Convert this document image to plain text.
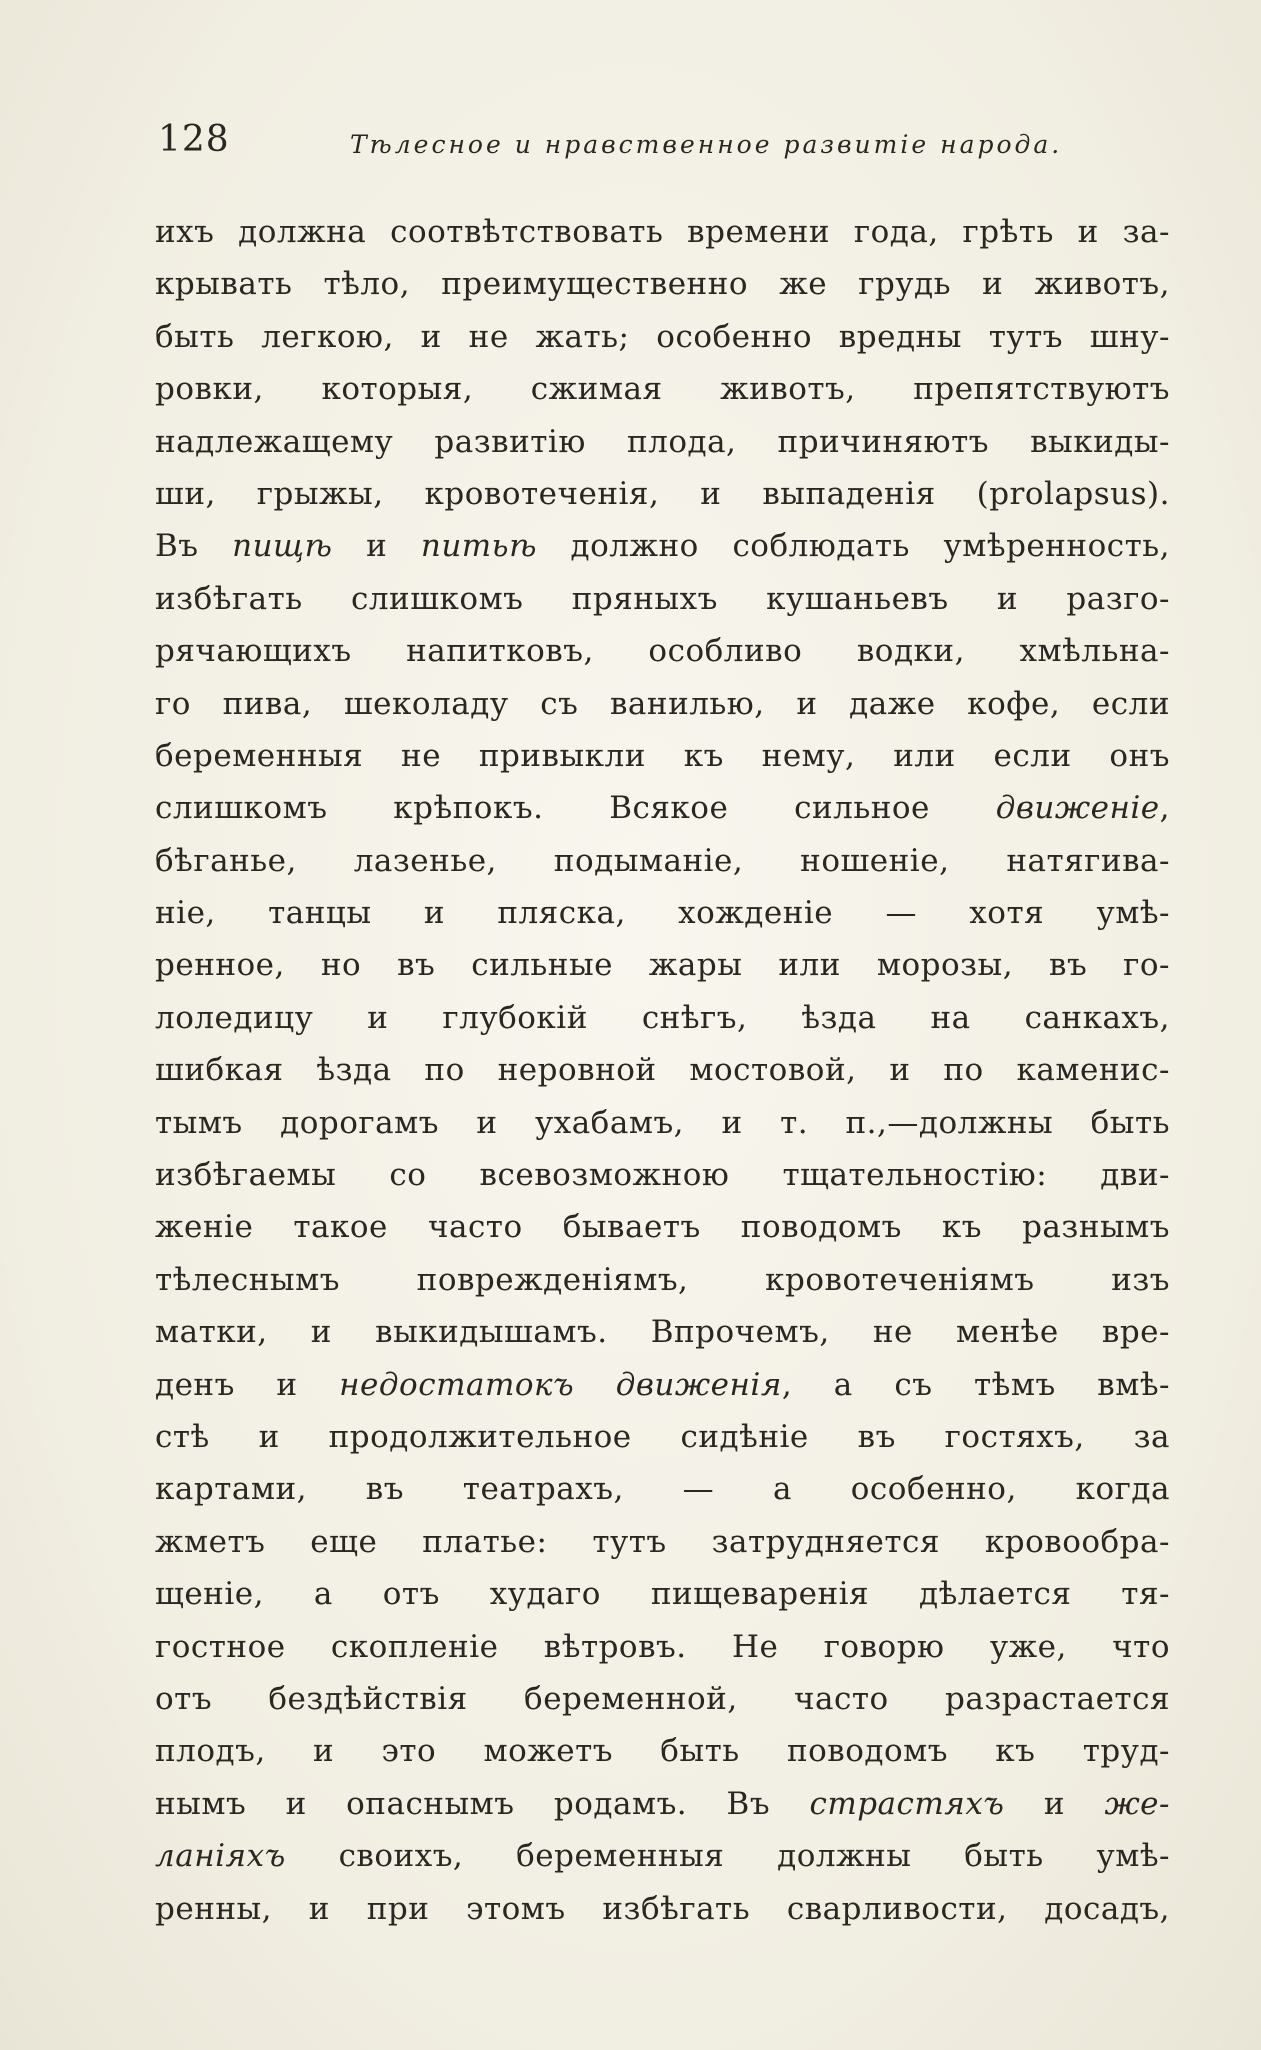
128	Тѣлесное и нравственное развитіе народа.
ихъ должна соотвѣтствовать времени года, грѣть и за-
крывать тѣло, преимущественно же грудь и животъ,
быть легкою, и не жать; особенно вредны тутъ шну-
ровки, которыя, сжимая животъ, препятствуютъ
надлежащему развитію плода, причиняютъ выкиды-
ши, грыжы, кровотеченія, и выпаденія (prolapsus).
Въ пищѣ и питьѣ должно соблюдать умѣренность,
избѣгать слишкомъ пряныхъ кушаньевъ и разго-
рячающихъ напитковъ, особливо водки, хмѣльна-
го пива, шеколаду съ ванилью, и даже кофе, если
беременныя не привыкли къ нему, или если онъ
слишкомъ крѣпокъ. Всякое сильное движеніе,
бѣганье, лазенье, подыманіе, ношеніе, натягива-
ніе, танцы и пляска, хожденіе — хотя умѣ-
ренное, но въ сильные жары или морозы, въ го-
лоледицу и глубокій снѣгъ, ѣзда на санкахъ,
шибкая ѣзда по неровной мостовой, и по каменис-
тымъ дорогамъ и ухабамъ, и т. п.,—должны быть
избѣгаемы со всевозможною тщательностію: дви-
женіе такое часто бываетъ поводомъ къ разнымъ
тѣлеснымъ поврежденіямъ, кровотеченіямъ изъ
матки, и выкидышамъ. Впрочемъ, не менѣе вре-
денъ и недостатокъ движенія, а съ тѣмъ вмѣ-
стѣ и продолжительное сидѣніе въ гостяхъ, за
картами, въ театрахъ, — а особенно, когда
жметъ еще платье: тутъ затрудняется кровообра-
щеніе, а отъ худаго пищеваренія дѣлается тя-
гостное скопленіе вѣтровъ. Не говорю уже, что
отъ бездѣйствія беременной, часто разрастается
плодъ, и это можетъ быть поводомъ къ труд-
нымъ и опаснымъ родамъ. Въ страстяхъ и же-
ланіяхъ своихъ, беременныя должны быть умѣ-
ренны, и при этомъ избѣгать сварливости, досадъ,
